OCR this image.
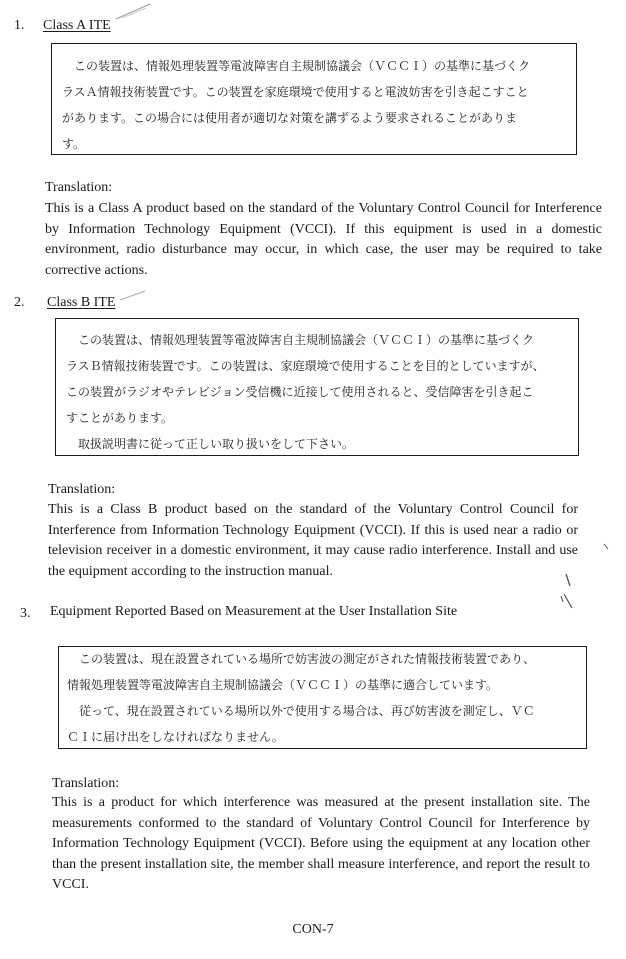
1. Class A ITE
この装置は、情報処理装置等電波障害自主規制協議会（ＶＣＣＩ）の基準に基づくク
ラスＡ情報技術装置です。この装置を家庭環境で使用すると電波妨害を引き起こすこと
があります。この場合には使用者が適切な対策を講ずるよう要求されることがありま
す。
Translation:

This is a Class A product based on the standard of the Voluntary Control Council for Interference by Information Technology Equipment (VCCI). If this equipment is used in a domestic environment, radio disturbance may occur, in which case, the user may be required to take corrective actions.

2. Class B ITE
この装置は、情報処理装置等電波障害自主規制協議会（ＶＣＣＩ）の基準に基づくク
ラスＢ情報技術装置です。この装置は、家庭環境で使用することを目的としていますが、
この装置がラジオやテレビジョン受信機に近接して使用されると、受信障害を引き起こ
すことがあります。
取扱説明書に従って正しい取り扱いをして下さい。
Translation:

This is a Class B product based on the standard of the Voluntary Control Council for Interference from Information Technology Equipment (VCCI). If this is used near a radio or television receiver in a domestic environment, it may cause radio interference. Install and use the equipment according to the instruction manual.

3. Equipment Reported Based on Measurement at the User Installation Site
この装置は、現在設置されている場所で妨害波の測定がされた情報技術装置であり、
情報処理装置等電波障害自主規制協議会（ＶＣＣＩ）の基準に適合しています。
従って、現在設置されている場所以外で使用する場合は、再び妨害波を測定し、ＶＣ
ＣＩに届け出をしなければなりません。
Translation:

This is a product for which interference was measured at the present installation site. The measurements conformed to the standard of Voluntary Control Council for Interference by Information Technology Equipment (VCCI). Before using the equipment at any location other than the present installation site, the member shall measure interference, and report the result to VCCI.

CON-7
